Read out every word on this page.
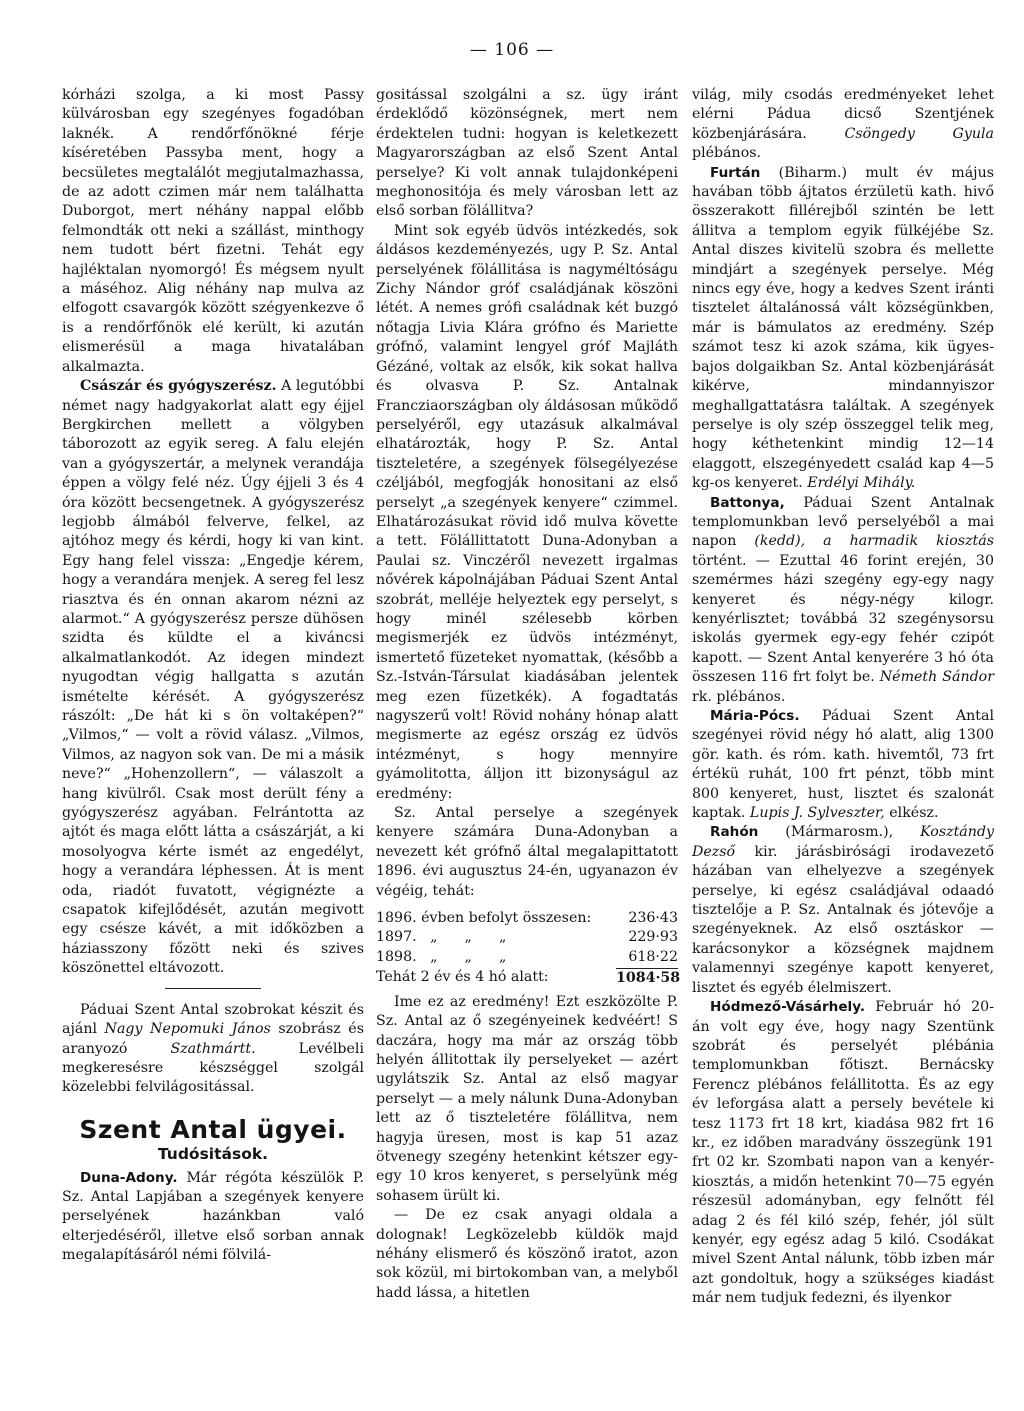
— 106 —

kórházi szolga, a ki most Passy külvárosban egy szegényes fogadóban laknék. A rendőrfőnökné férje kíséretében Passyba ment, hogy a becsületes megtalálót megjutalmazhassa, de az adott czimen már nem találhatta Duborgot, mert néhány nappal előbb felmondták ott neki a szállást, minthogy nem tudott bért fizetni. Tehát egy hajléktalan nyomorgó! És mégsem nyult a máséhoz. Alig néhány nap mulva az elfogott csavargók között szégyenkezve ő is a rendőrfőnök elé került, ki azután elismerésül a maga hivatalában alkalmazta.

Császár és gyógyszerész. A legutóbbi német nagy hadgyakorlat alatt egy éjjel Bergkirchen mellett a völgyben táborozott az egyik sereg. A falu elején van a gyógyszertár, a melynek verandája éppen a völgy felé néz. Úgy éjjeli 3 és 4 óra között becsengetnek. A gyógyszerész legjobb álmából felverve, felkel, az ajtóhoz megy és kérdi, hogy ki van kint. Egy hang felel vissza: „Engedje kérem, hogy a verandára menjek. A sereg fel lesz riasztva és én onnan akarom nézni az alarmot.“ A gyógyszerész persze dühösen szidta és küldte el a kiváncsi alkalmatlankodót. Az idegen mindezt nyugodtan végig hallgatta s azután ismételte kérését. A gyógyszerész rászólt: „De hát ki s ön voltaképen?“ „Vilmos,“ — volt a rövid válasz. „Vilmos, Vilmos, az nagyon sok van. De mi a másik neve?“ „Hohenzollern“, — válaszolt a hang kivülről. Csak most derült fény a gyógyszerész agyában. Felrántotta az ajtót és maga előtt látta a császárját, a ki mosolyogva kérte ismét az engedélyt, hogy a verandára léphessen. Át is ment oda, riadót fuvatott, végignézte a csapatok kifejlődését, azután megivott egy csésze kávét, a mit időközben a háziasszony főzött neki és szives köszönettel eltávozott.

Páduai Szent Antal szobrokat készit és ajánl Nagy Nepomuki János szobrász és aranyozó Szathmártt. Levélbeli megkeresésre készséggel szolgál közelebbi felvilágositással.

Szent Antal ügyei.
Tudósitások.

Duna-Adony. Már régóta készülök P. Sz. Antal Lapjában a szegények kenyere perselyének hazánkban való elterjedéséről, illetve első sorban annak megalapításáról némi fölvilá-

gositással szolgálni a sz. ügy iránt érdeklődő közönségnek, mert nem érdektelen tudni: hogyan is keletkezett Magyarországban az első Szent Antal perselye? Ki volt annak tulajdonképeni meghonositója és mely városban lett az első sorban fölállitva?

Mint sok egyéb üdvös intézkedés, sok áldásos kezdeményezés, ugy P. Sz. Antal perselyének fölállitása is nagyméltóságu Zichy Nándor gróf családjának köszöni létét. A nemes grófi családnak két buzgó nőtagja Livia Klára grófno és Mariette grófnő, valamint lengyel gróf Majláth Gézáné, voltak az elsők, kik sokat hallva és olvasva P. Sz. Antalnak Francziaországban oly áldásosan működő perselyéről, egy utazásuk alkalmával elhatározták, hogy P. Sz. Antal tiszteletére, a szegények fölsegélyezése czéljából, megfogják honositani az első perselyt „a szegények kenyere“ czimmel. Elhatározásukat rövid idő mulva követte a tett. Fölállittatott Duna-Adonyban a Paulai sz. Vinczéről nevezett irgalmas nővérek kápolnájában Páduai Szent Antal szobrát, melléje helyeztek egy perselyt, s hogy minél szélesebb körben megismerjék ez üdvös intézményt, ismertető füzeteket nyomattak, (később a Sz.-István-Társulat kiadásában jelentek meg ezen füzetkék). A fogadtatás nagyszerű volt! Rövid nohány hónap alatt megismerte az egész ország ez üdvös intézményt, s hogy mennyire gyámolitotta, álljon itt bizonyságul az eredmény:

Sz. Antal perselye a szegények kenyere számára Duna-Adonyban a nevezett két grófnő által megalapittatott 1896. évi augusztus 24-én, ugyanazon év végéig, tehát:

1896. évben befolyt összesen:	236·43
1897.   „      „      „	229·93
1898.   „      „      „	618·22
Tehát 2 év és 4 hó alatt:	1084·58

Ime ez az eredmény! Ezt eszközölte P. Sz. Antal az ő szegényeinek kedvéért! S daczára, hogy ma már az ország több helyén állitottak ily perselyeket — azért ugylátszik Sz. Antal az első magyar perselyt — a mely nálunk Duna-Adonyban lett az ő tiszteletére fölállitva, nem hagyja üresen, most is kap 51 azaz ötvenegy szegény hetenkint kétszer egy-egy 10 kros kenyeret, s perselyünk még sohasem ürült ki.

— De ez csak anyagi oldala a dolognak! Legközelebb küldök majd néhány elismerő és köszönő iratot, azon sok közül, mi birtokomban van, a melyből hadd lássa, a hitetlen

világ, mily csodás eredményeket lehet elérni Pádua dicső Szentjének közbenjárására. Csöngedy Gyula plébános.

Furtán (Biharm.) mult év május havában több ájtatos érzületü kath. hivő összerakott fillérejből szintén be lett állitva a templom egyik fülkéjébe Sz. Antal diszes kivitelü szobra és mellette mindjárt a szegények perselye. Még nincs egy éve, hogy a kedves Szent iránti tisztelet általánossá vált községünkben, már is bámulatos az eredmény. Szép számot tesz ki azok száma, kik ügyes-bajos dolgaikban Sz. Antal közbenjárását kikérve, mindannyiszor meghallgattatásra találtak. A szegények perselye is oly szép összeggel telik meg, hogy kéthetenkint mindig 12—14 elaggott, elszegényedett család kap 4—5 kg-os kenyeret. Erdélyi Mihály.

Battonya, Páduai Szent Antalnak templomunkban levő perselyéből a mai napon (kedd), a harmadik kiosztás történt. — Ezuttal 46 forint erején, 30 szemérmes házi szegény egy-egy nagy kenyeret és négy-négy kilogr. kenyérlisztet; továbbá 32 szegénysorsu iskolás gyermek egy-egy fehér czipót kapott. — Szent Antal kenyerére 3 hó óta összesen 116 frt folyt be. Németh Sándor rk. plébános.

Mária-Pócs. Páduai Szent Antal szegényei rövid négy hó alatt, alig 1300 gör. kath. és róm. kath. hivemtől, 73 frt értékü ruhát, 100 frt pénzt, több mint 800 kenyeret, hust, lisztet és szalonát kaptak. Lupis J. Sylveszter, elkész.

Rahón (Mármarosm.), Kosztándy Dezső kir. járásbirósági irodavezető házában van elhelyezve a szegények perselye, ki egész családjával odaadó tisztelője a P. Sz. Antalnak és jótevője a szegényeknek. Az első osztáskor — karácsonykor a községnek majdnem valamennyi szegénye kapott kenyeret, lisztet és egyéb élelmiszert.

Hódmező-Vásárhely. Február hó 20-án volt egy éve, hogy nagy Szentünk szobrát és perselyét plébánia templomunkban főtiszt. Bernácsky Ferencz plébános felállitotta. És az egy év leforgása alatt a persely bevétele ki tesz 1173 frt 18 krt, kiadása 982 frt 16 kr., ez időben maradvány összegünk 191 frt 02 kr. Szombati napon van a kenyér-kiosztás, a midőn hetenkint 70—75 egyén részesül adományban, egy felnőtt fél adag 2 és fél kiló szép, fehér, jól sült kenyér, egy egész adag 5 kiló. Csodákat mivel Szent Antal nálunk, több izben már azt gondoltuk, hogy a szükséges kiadást már nem tudjuk fedezni, és ilyenkor
